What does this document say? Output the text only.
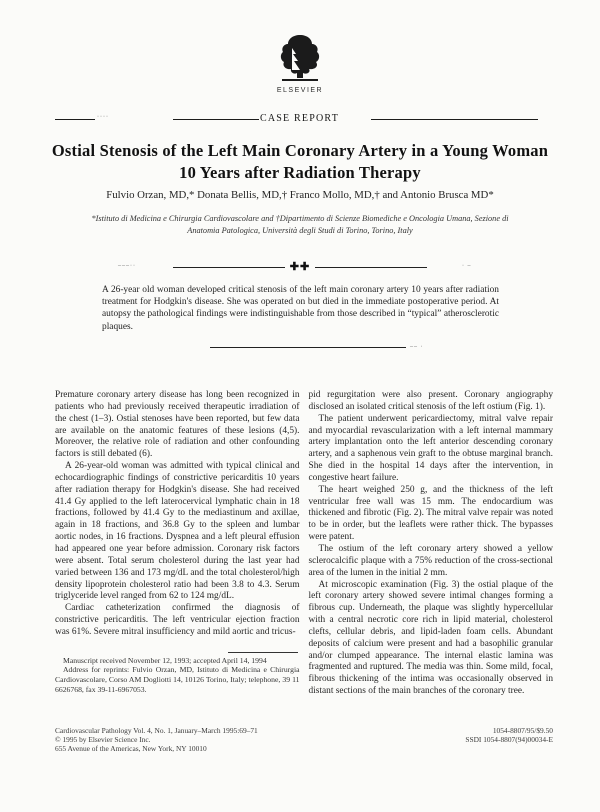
ELSEVIER
····	CASE REPORT
Ostial Stenosis of the Left Main Coronary Artery in a Young Woman
10 Years after Radiation Therapy
Fulvio Orzan, MD,* Donata Bellis, MD,† Franco Mollo, MD,† and Antonio Brusca MD*
*Istituto di Medicina e Chirurgia Cardiovascolare and †Dipartimento di Scienze Biomediche e Oncologia Umana, Sezione di
Anatomia Patologica, Università degli Studi di Torino, Torino, Italy
✚✚
‒‒‒··	· ‒
A 26-year old woman developed critical stenosis of the left main coronary artery 10 years after radiation treatment for Hodgkin's disease. She was operated on but died in the immediate postoperative period. At autopsy the pathological findings were indistinguishable from those described in “typical” atherosclerotic plaques.
‒‒ ·

Premature coronary artery disease has long been recognized in patients who had previously received therapeutic irradiation of the chest (1–3). Ostial stenoses have been reported, but few data are available on the anatomic features of these lesions (4,5). Moreover, the relative role of radiation and other confounding factors is still debated (6).

A 26-year-old woman was admitted with typical clinical and echocardiographic findings of constrictive pericarditis 10 years after radiation therapy for Hodgkin's disease. She had received 41.4 Gy applied to the left laterocervical lymphatic chain in 18 fractions, followed by 41.4 Gy to the mediastinum and axillae, again in 18 fractions, and 36.8 Gy to the spleen and lumbar aortic nodes, in 16 fractions. Dyspnea and a left pleural effusion had appeared one year before admission. Coronary risk factors were absent. Total serum cholesterol during the last year had varied between 136 and 173 mg/dL and the total cholesterol/high density lipoprotein cholesterol ratio had been 3.8 to 4.3. Serum triglyceride level ranged from 62 to 124 mg/dL.

Cardiac catheterization confirmed the diagnosis of constrictive pericarditis. The left ventricular ejection fraction was 61%. Severe mitral insufficiency and mild aortic and tricus-

Manuscript received November 12, 1993; accepted April 14, 1994

Address for reprints: Fulvio Orzan, MD, Istituto di Medicina e Chirurgia Cardiovascolare, Corso AM Dogliotti 14, 10126 Torino, Italy; telephone, 39 11 6626768, fax 39-11-6967053.

pid regurgitation were also present. Coronary angiography disclosed an isolated critical stenosis of the left ostium (Fig. 1).

The patient underwent pericardiectomy, mitral valve repair and myocardial revascularization with a left internal mammary artery implantation onto the left anterior descending coronary artery, and a saphenous vein graft to the obtuse marginal branch. She died in the hospital 14 days after the intervention, in congestive heart failure.

The heart weighed 250 g, and the thickness of the left ventricular free wall was 15 mm. The endocardium was thickened and fibrotic (Fig. 2). The mitral valve repair was noted to be in order, but the leaflets were rather thick. The bypasses were patent.

The ostium of the left coronary artery showed a yellow sclerocalcific plaque with a 75% reduction of the cross-sectional area of the lumen in the initial 2 mm.

At microscopic examination (Fig. 3) the ostial plaque of the left coronary artery showed severe intimal changes forming a fibrous cup. Underneath, the plaque was slightly hypercellular with a central necrotic core rich in lipid material, cholesterol clefts, cellular debris, and lipid-laden foam cells. Abundant deposits of calcium were present and had a basophilic granular and/or clumped appearance. The internal elastic lamina was fragmented and ruptured. The media was thin. Some mild, focal, fibrous thickening of the intima was occasionally observed in distant sections of the main branches of the coronary tree.

Cardiovascular Pathology Vol. 4, No. 1, January–March 1995:69–71
© 1995 by Elsevier Science Inc.
655 Avenue of the Americas, New York, NY 10010
1054-8807/95/$9.50
SSDI 1054-8807(94)00034-E
